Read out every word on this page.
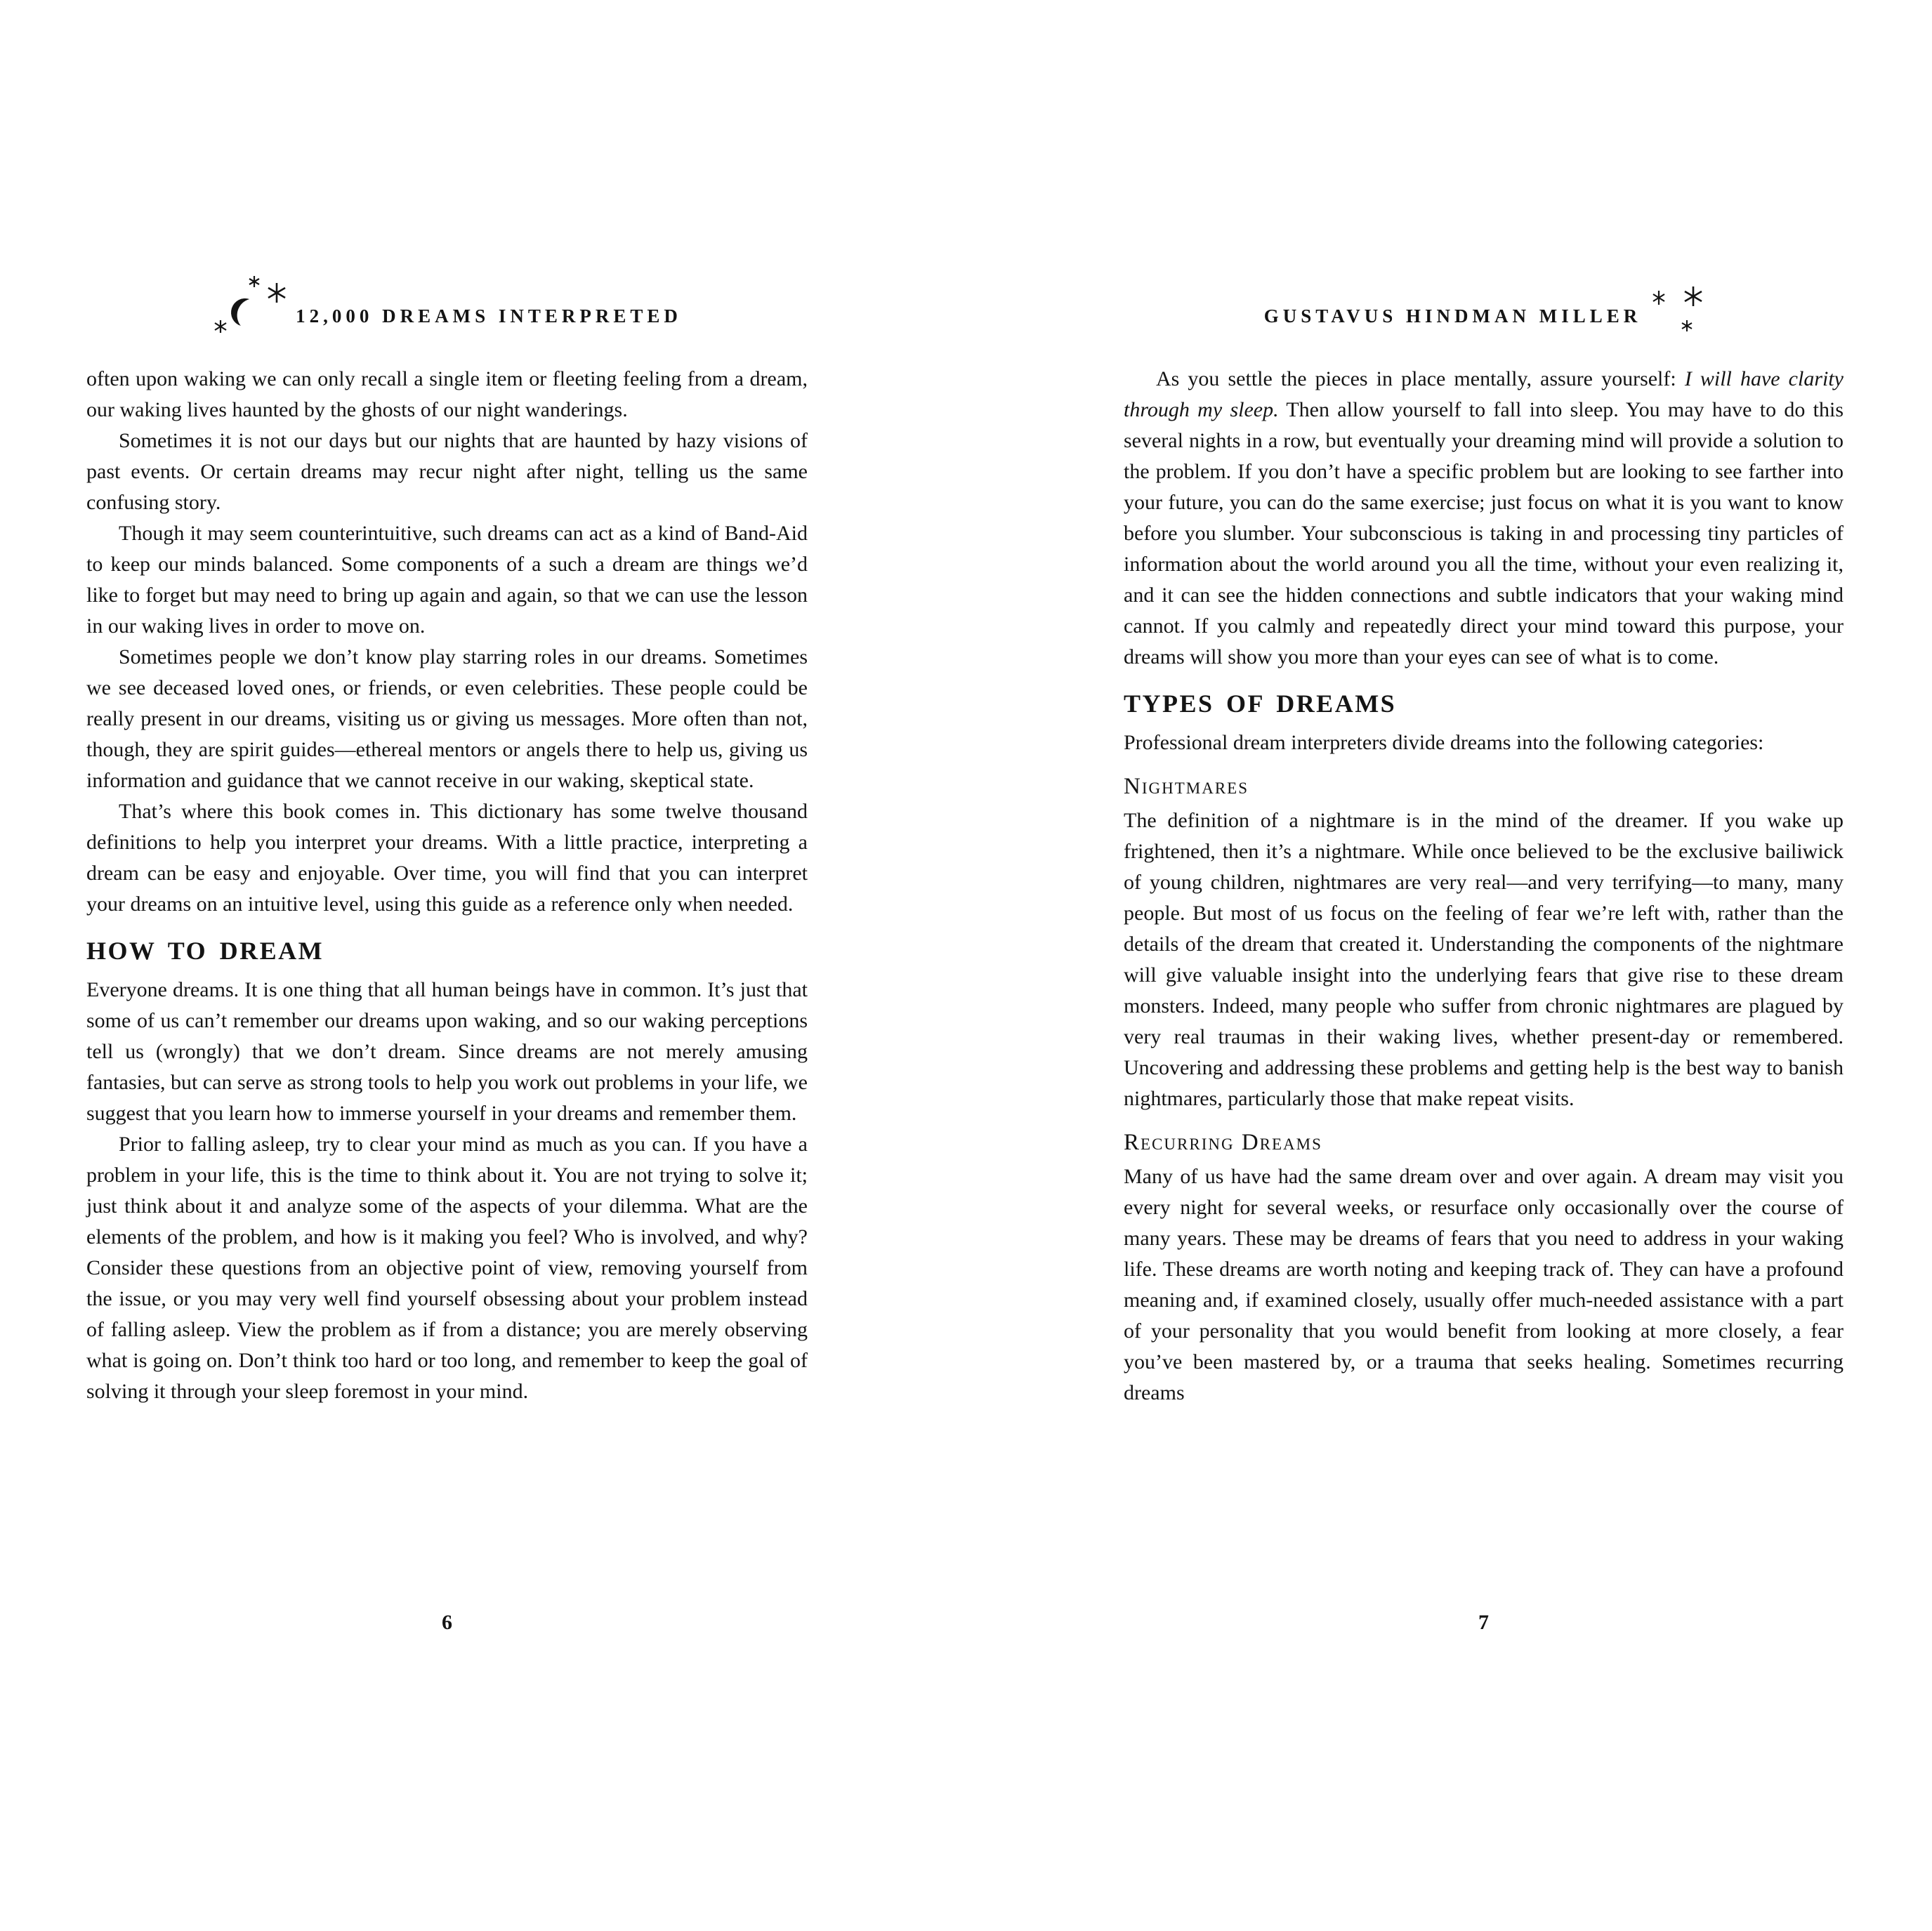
12,000 DREAMS INTERPRETED

often upon waking we can only recall a single item or fleeting feeling from a dream, our waking lives haunted by the ghosts of our night wanderings.

Sometimes it is not our days but our nights that are haunted by hazy visions of past events. Or certain dreams may recur night after night, telling us the same confusing story.

Though it may seem counterintuitive, such dreams can act as a kind of Band-Aid to keep our minds balanced. Some components of a such a dream are things we’d like to forget but may need to bring up again and again, so that we can use the lesson in our waking lives in order to move on.

Sometimes people we don’t know play starring roles in our dreams. Sometimes we see deceased loved ones, or friends, or even celebrities. These people could be really present in our dreams, visiting us or giving us messages. More often than not, though, they are spirit guides—ethereal mentors or angels there to help us, giving us information and guidance that we cannot receive in our waking, skeptical state.

That’s where this book comes in. This dictionary has some twelve thousand definitions to help you interpret your dreams. With a little practice, interpreting a dream can be easy and enjoyable. Over time, you will find that you can interpret your dreams on an intuitive level, using this guide as a reference only when needed.

HOW TO DREAM

Everyone dreams. It is one thing that all human beings have in common. It’s just that some of us can’t remember our dreams upon waking, and so our waking perceptions tell us (wrongly) that we don’t dream. Since dreams are not merely amusing fantasies, but can serve as strong tools to help you work out problems in your life, we suggest that you learn how to immerse yourself in your dreams and remember them.

Prior to falling asleep, try to clear your mind as much as you can. If you have a problem in your life, this is the time to think about it. You are not trying to solve it; just think about it and analyze some of the aspects of your dilemma. What are the elements of the problem, and how is it making you feel? Who is involved, and why? Consider these questions from an objective point of view, removing yourself from the issue, or you may very well find yourself obsessing about your problem instead of falling asleep. View the problem as if from a distance; you are merely observing what is going on. Don’t think too hard or too long, and remember to keep the goal of solving it through your sleep foremost in your mind.

6
GUSTAVUS HINDMAN MILLER

As you settle the pieces in place mentally, assure yourself: I will have clarity through my sleep. Then allow yourself to fall into sleep. You may have to do this several nights in a row, but eventually your dreaming mind will provide a solution to the problem. If you don’t have a specific problem but are looking to see farther into your future, you can do the same exercise; just focus on what it is you want to know before you slumber. Your subconscious is taking in and processing tiny particles of information about the world around you all the time, without your even realizing it, and it can see the hidden connections and subtle indicators that your waking mind cannot. If you calmly and repeatedly direct your mind toward this purpose, your dreams will show you more than your eyes can see of what is to come.

TYPES OF DREAMS

Professional dream interpreters divide dreams into the following categories:

Nightmares

The definition of a nightmare is in the mind of the dreamer. If you wake up frightened, then it’s a nightmare. While once believed to be the exclusive bailiwick of young children, nightmares are very real—and very terrifying—to many, many people. But most of us focus on the feeling of fear we’re left with, rather than the details of the dream that created it. Understanding the components of the nightmare will give valuable insight into the underlying fears that give rise to these dream monsters. Indeed, many people who suffer from chronic nightmares are plagued by very real traumas in their waking lives, whether present-day or remembered. Uncovering and addressing these problems and getting help is the best way to banish nightmares, particularly those that make repeat visits.

Recurring Dreams

Many of us have had the same dream over and over again. A dream may visit you every night for several weeks, or resurface only occasionally over the course of many years. These may be dreams of fears that you need to address in your waking life. These dreams are worth noting and keeping track of. They can have a profound meaning and, if examined closely, usually offer much-needed assistance with a part of your personality that you would benefit from looking at more closely, a fear you’ve been mastered by, or a trauma that seeks healing. Sometimes recurring dreams

7
